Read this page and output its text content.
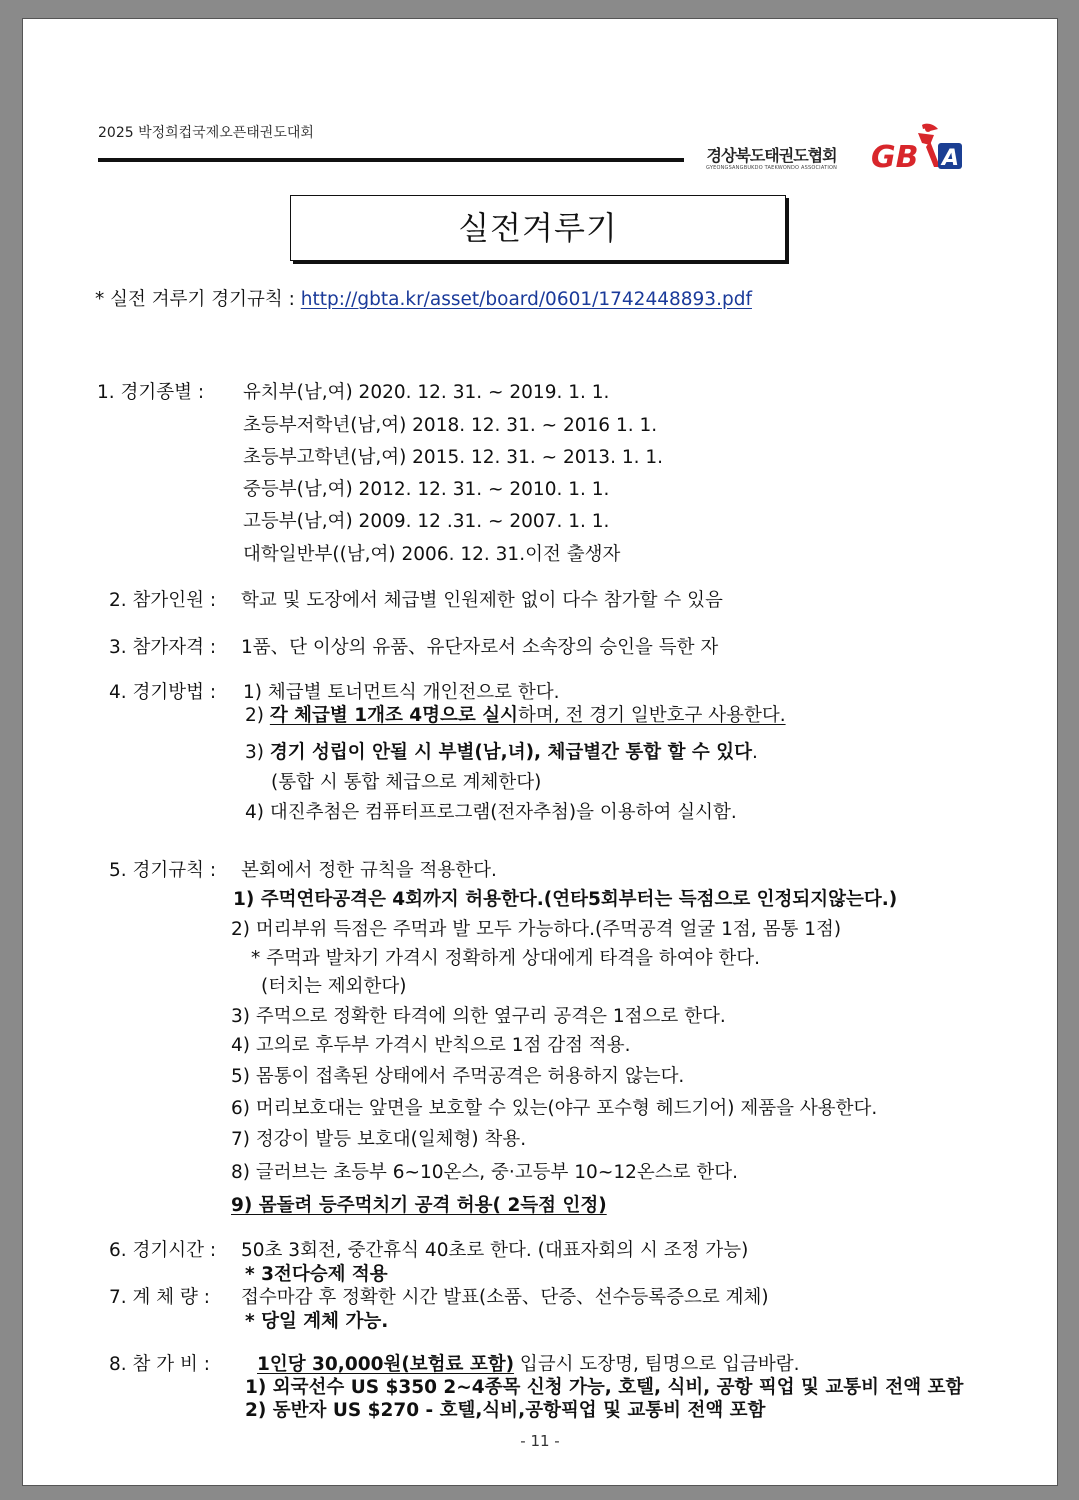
2025 박정희컵국제오픈태권도대회
경상북도태권도협회
GYEONGSANGBUKDO TAEKWONDO ASSOCIATION GB A
실전겨루기
* 실전 겨루기 경기규칙 : http://gbta.kr/asset/board/0601/1742448893.pdf
1. 경기종별 : 유치부(남,여) 2020. 12. 31. ~ 2019. 1. 1.
초등부저학년(남,여) 2018. 12. 31. ~ 2016 1. 1.
초등부고학년(남,여) 2015. 12. 31. ~ 2013. 1. 1.
중등부(남,여) 2012. 12. 31. ~ 2010. 1. 1.
고등부(남,여) 2009. 12 .31. ~ 2007. 1. 1.
대학일반부((남,여) 2006. 12. 31.이전 출생자
2. 참가인원 : 학교 및 도장에서 체급별 인원제한 없이 다수 참가할 수 있음
3. 참가자격 : 1품、단 이상의 유품、유단자로서 소속장의 승인을 득한 자
4. 경기방법 : 1) 체급별 토너먼트식 개인전으로 한다.
2) 각 체급별 1개조 4명으로 실시하며, 전 경기 일반호구 사용한다.
3) 경기 성립이 안될 시 부별(남,녀), 체급별간 통합 할 수 있다.
(통합 시 통합 체급으로 계체한다)
4) 대진추첨은 컴퓨터프로그램(전자추첨)을 이용하여 실시함.
5. 경기규칙 : 본회에서 정한 규칙을 적용한다.
1) 주먹연타공격은 4회까지 허용한다.(연타5회부터는 득점으로 인정되지않는다.)
2) 머리부위 득점은 주먹과 발 모두 가능하다.(주먹공격 얼굴 1점, 몸통 1점)
* 주먹과 발차기 가격시 정확하게 상대에게 타격을 하여야 한다.
(터치는 제외한다)
3) 주먹으로 정확한 타격에 의한 옆구리 공격은 1점으로 한다.
4) 고의로 후두부 가격시 반칙으로 1점 감점 적용.
5) 몸통이 접촉된 상태에서 주먹공격은 허용하지 않는다.
6) 머리보호대는 앞면을 보호할 수 있는(야구 포수형 헤드기어) 제품을 사용한다.
7) 정강이 발등 보호대(일체형) 착용.
8) 글러브는 초등부 6~10온스, 중·고등부 10~12온스로 한다.
9) 몸돌려 등주먹치기 공격 허용( 2득점 인정)
6. 경기시간 : 50초 3회전, 중간휴식 40초로 한다. (대표자회의 시 조정 가능)
* 3전다승제 적용
7. 계 체 량 : 접수마감 후 정확한 시간 발표(소품、단증、선수등록증으로 계체)
* 당일 계체 가능.
8. 참 가 비 :	1인당 30,000원(보험료 포함) 입금시 도장명, 팀명으로 입금바람.
1) 외국선수 US $350 2~4종목 신청 가능, 호텔, 식비, 공항 픽업 및 교통비 전액 포함
2) 동반자 US $270 - 호텔,식비,공항픽업 및 교통비 전액 포함
- 11 -
